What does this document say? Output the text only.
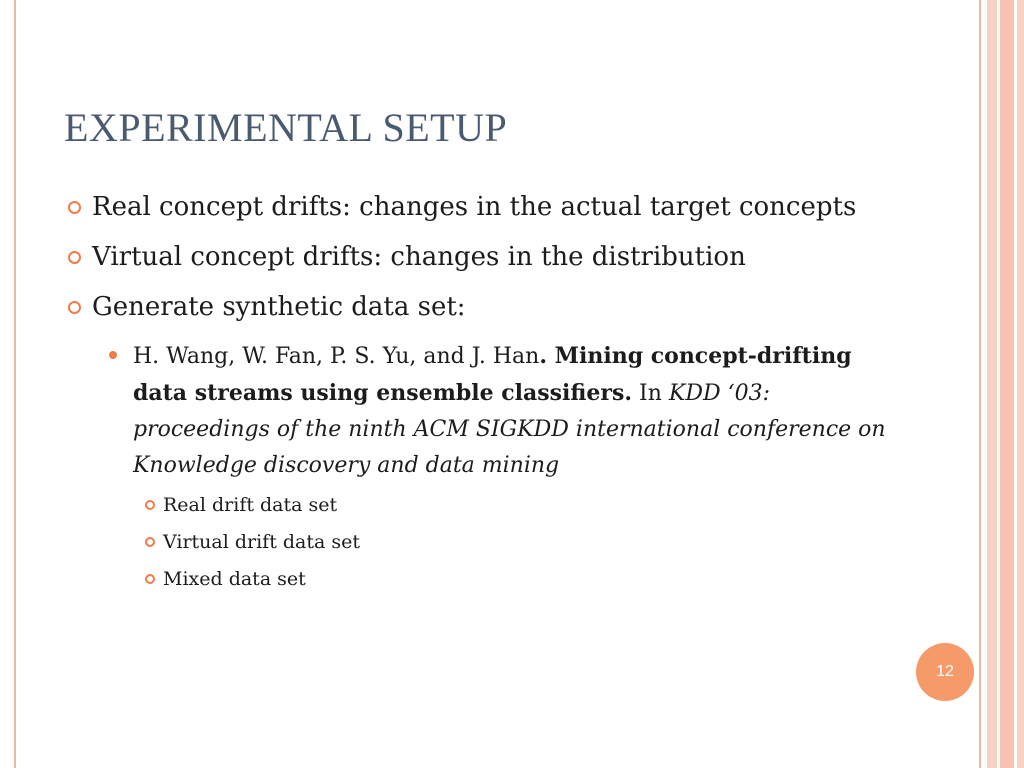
EXPERIMENTAL SETUP
Real concept drifts: changes in the actual target concepts
Virtual concept drifts: changes in the distribution
Generate synthetic data set:
H. Wang, W. Fan, P. S. Yu, and J. Han. Mining concept-drifting data streams using ensemble classifiers. In KDD ‘03: proceedings of the ninth ACM SIGKDD international conference on Knowledge discovery and data mining
Real drift data set
Virtual drift data set
Mixed data set
12
